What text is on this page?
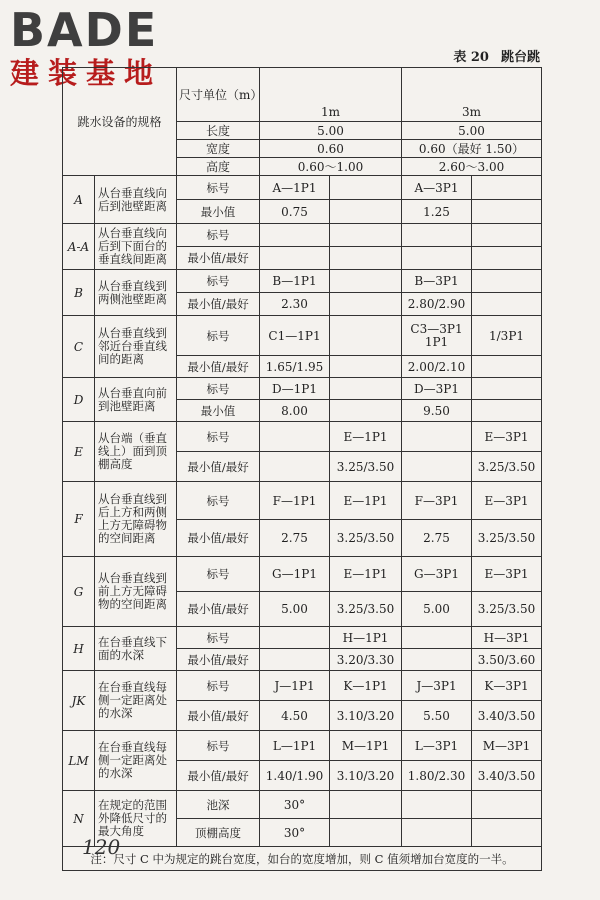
BADE
建装基地	表 20 跳台跳
跳水设备的规格		尺寸单位（m）				
			1m		3m	
		长度	5.00		5.00	
		宽度	0.60		0.60（最好 1.50）	
		高度	0.60～1.00		2.60～3.00	
A	从台垂直线向后到池壁距离	标号	A—1P1		A—3P1	
		最小值	0.75		1.25	
A-A	从台垂直线向后到下面台的垂直线间距离	标号				
		最小值/最好				
B	从台垂直线到两侧池壁距离	标号	B—1P1		B—3P1	
		最小值/最好	2.30		2.80/2.90	
C	从台垂直线到邻近台垂直线间的距离	标号	C1—1P1		C3—3P1 1P1	1/3P1
		最小值/最好	1.65/1.95		2.00/2.10	
D	从台垂直向前到池壁距离	标号	D—1P1		D—3P1	
		最小值	8.00		9.50	
E	从台端（垂直线上）面到顶棚高度	标号		E—1P1		E—3P1
		最小值/最好		3.25/3.50		3.25/3.50
F	从台垂直线到后上方和两侧上方无障碍物的空间距离	标号	F—1P1	E—1P1	F—3P1	E—3P1
		最小值/最好	2.75	3.25/3.50	2.75	3.25/3.50
G	从台垂直线到前上方无障碍物的空间距离	标号	G—1P1	E—1P1	G—3P1	E—3P1
		最小值/最好	5.00	3.25/3.50	5.00	3.25/3.50
H	在台垂直线下面的水深	标号		H—1P1		H—3P1
		最小值/最好		3.20/3.30		3.50/3.60
JK	在台垂直线每侧一定距离处的水深	标号	J—1P1	K—1P1	J—3P1	K—3P1
		最小值/最好	4.50	3.10/3.20	5.50	3.40/3.50
LM	在台垂直线每侧一定距离处的水深	标号	L—1P1	M—1P1	L—3P1	M—3P1
		最小值/最好	1.40/1.90	3.10/3.20	1.80/2.30	3.40/3.50
N	在规定的范围外降低尺寸的最大角度	池深	30°			
		顶棚高度	30°			
注：尺寸 C 中为规定的跳台宽度，如台的宽度增加，则 C 值须增加台宽度的一半。						
120
